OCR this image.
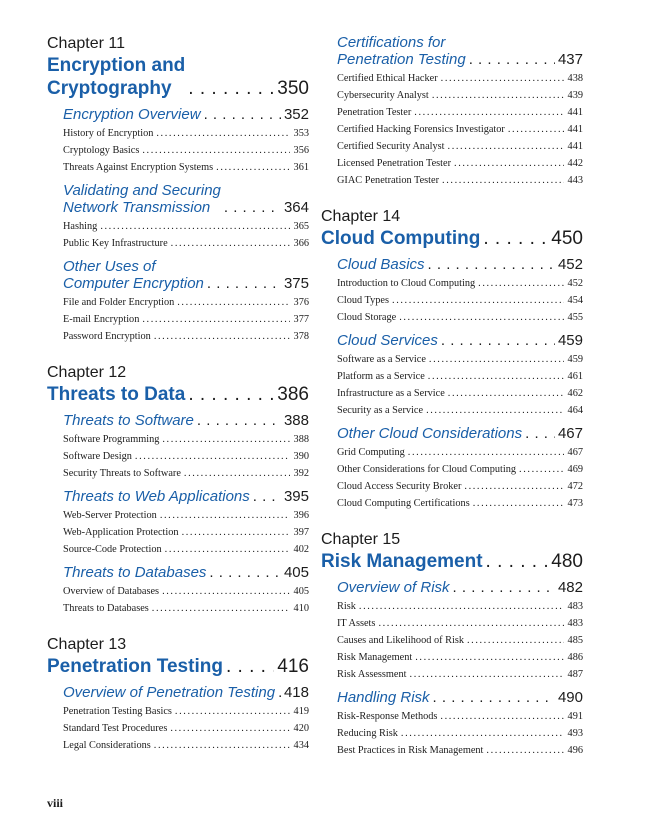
Chapter 11
Encryption and
Cryptography . . .	350
Encryption Overview . . .	352
History of Encryption .....	353
Cryptology Basics .....	356
Threats Against Encryption Systems .....	361
Validating and Securing
Network Transmission . . .	364
Hashing .....	365
Public Key Infrastructure .....	366
Other Uses of
Computer Encryption . . .	375
File and Folder Encryption .....	376
E-mail Encryption .....	377
Password Encryption .....	378
Chapter 12
Threats to Data . . .	386
Threats to Software . . .	388
Software Programming .....	388
Software Design .....	390
Security Threats to Software .....	392
Threats to Web Applications . . . 395
Web-Server Protection .....	396
Web-Application Protection .....	397
Source-Code Protection .....	402
Threats to Databases . . .	405
Overview of Databases .....	405
Threats to Databases .....	410
Chapter 13
Penetration Testing . . .	416
Overview of Penetration Testing . . . 418
Penetration Testing Basics .....	419
Standard Test Procedures .....	420
Legal Considerations .....	434
Certifications for
Penetration Testing . . .	437
Certified Ethical Hacker .....	438
Cybersecurity Analyst .....	439
Penetration Tester .....	441
Certified Hacking Forensics Investigator .....	441
Certified Security Analyst .....	441
Licensed Penetration Tester .....	442
GIAC Penetration Tester .....	443
Chapter 14
Cloud Computing . . .	450
Cloud Basics . . .	452
Introduction to Cloud Computing .....	452
Cloud Types .....	454
Cloud Storage .....	455
Cloud Services . . .	459
Software as a Service .....	459
Platform as a Service .....	461
Infrastructure as a Service .....	462
Security as a Service .....	464
Other Cloud Considerations . . . 467
Grid Computing .....	467
Other Considerations for Cloud Computing .....	469
Cloud Access Security Broker .....	472
Cloud Computing Certifications .....	473
Chapter 15
Risk Management . . .	480
Overview of Risk . . .	482
Risk .....	483
IT Assets .....	483
Causes and Likelihood of Risk .....	485
Risk Management .....	486
Risk Assessment .....	487
Handling Risk . . .	490
Risk-Response Methods .....	491
Reducing Risk .....	493
Best Practices in Risk Management .....	496
viii
